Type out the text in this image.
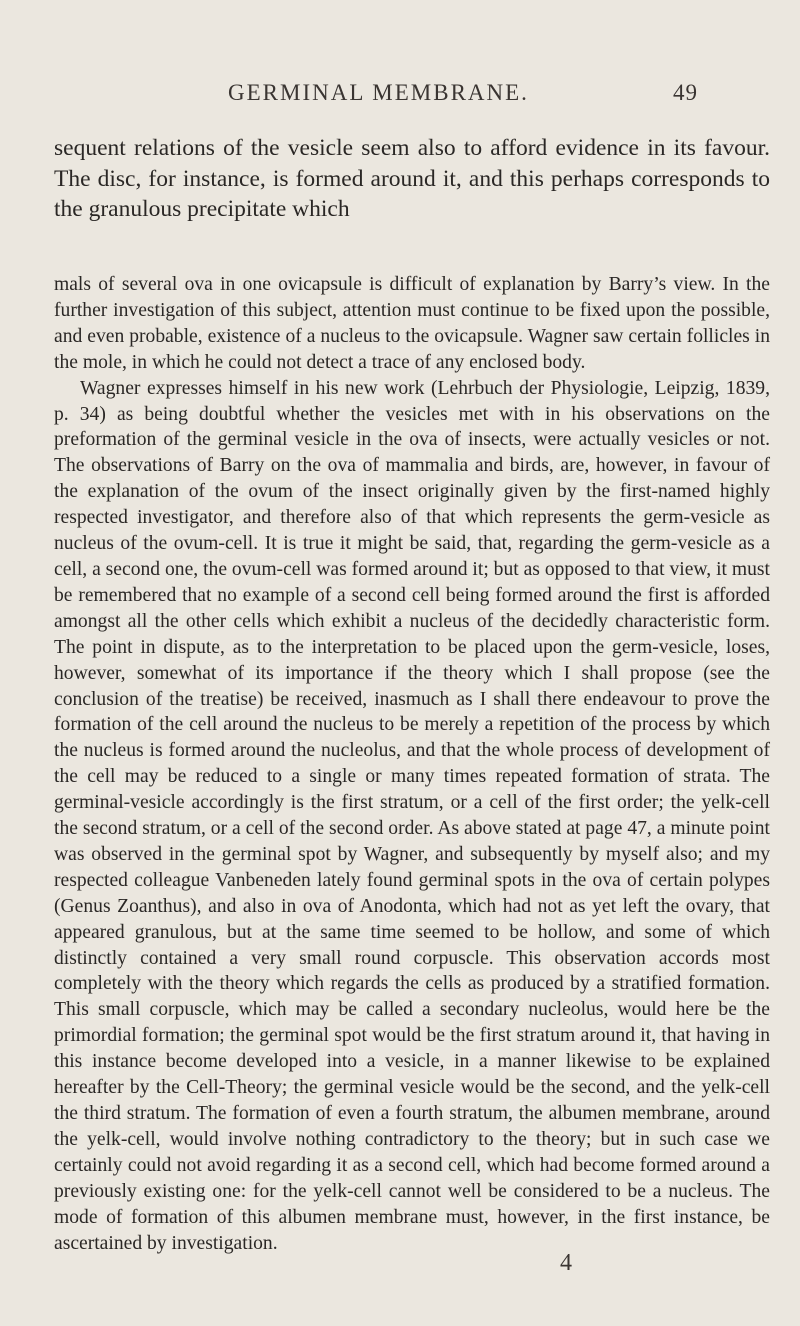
GERMINAL MEMBRANE.	49

sequent relations of the vesicle seem also to afford evidence in its favour. The disc, for instance, is formed around it, and this perhaps corresponds to the granulous precipitate which

mals of several ova in one ovicapsule is difficult of explanation by Barry’s view. In the further investigation of this subject, attention must continue to be fixed upon the possible, and even probable, existence of a nucleus to the ovicapsule. Wagner saw certain follicles in the mole, in which he could not detect a trace of any enclosed body.

Wagner expresses himself in his new work (Lehrbuch der Physiologie, Leipzig, 1839, p. 34) as being doubtful whether the vesicles met with in his observations on the preformation of the germinal vesicle in the ova of insects, were actually vesicles or not. The observations of Barry on the ova of mammalia and birds, are, however, in favour of the explanation of the ovum of the insect originally given by the first-named highly respected investigator, and therefore also of that which represents the germ-vesicle as nucleus of the ovum-cell. It is true it might be said, that, regarding the germ-vesicle as a cell, a second one, the ovum-cell was formed around it; but as opposed to that view, it must be remembered that no example of a second cell being formed around the first is afforded amongst all the other cells which exhibit a nucleus of the decidedly characteristic form. The point in dispute, as to the interpretation to be placed upon the germ-vesicle, loses, however, somewhat of its importance if the theory which I shall propose (see the conclusion of the treatise) be received, inasmuch as I shall there endeavour to prove the formation of the cell around the nucleus to be merely a repetition of the process by which the nucleus is formed around the nucleolus, and that the whole process of development of the cell may be reduced to a single or many times repeated formation of strata. The germinal-vesicle accordingly is the first stratum, or a cell of the first order; the yelk-cell the second stratum, or a cell of the second order. As above stated at page 47, a minute point was observed in the germinal spot by Wagner, and subsequently by myself also; and my respected colleague Vanbeneden lately found germinal spots in the ova of certain polypes (Genus Zoanthus), and also in ova of Anodonta, which had not as yet left the ovary, that appeared granulous, but at the same time seemed to be hollow, and some of which distinctly contained a very small round corpuscle. This observation accords most completely with the theory which regards the cells as produced by a stratified formation. This small corpuscle, which may be called a secondary nucleolus, would here be the primordial formation; the germinal spot would be the first stratum around it, that having in this instance become developed into a vesicle, in a manner likewise to be explained hereafter by the Cell-Theory; the germinal vesicle would be the second, and the yelk-cell the third stratum. The formation of even a fourth stratum, the albumen membrane, around the yelk-cell, would involve nothing contradictory to the theory; but in such case we certainly could not avoid regarding it as a second cell, which had become formed around a previously existing one: for the yelk-cell cannot well be considered to be a nucleus. The mode of formation of this albumen membrane must, however, in the first instance, be ascertained by investigation.

4
